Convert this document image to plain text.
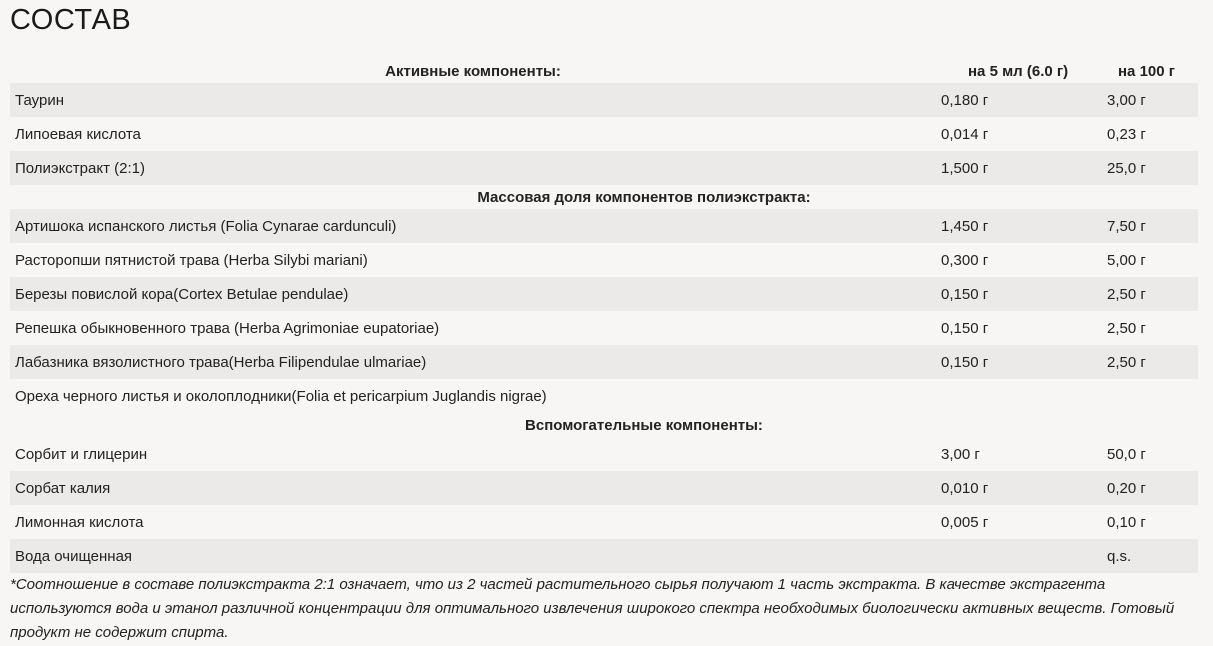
СОСТАВ
Активные компоненты:	на 5 мл (6.0 г)	на 100 г
Таурин	0,180 г	3,00 г
Липоевая кислота	0,014 г	0,23 г
Полиэкстракт (2:1)	1,500 г	25,0 г
Массовая доля компонентов полиэкстракта:		
Артишока испанского листья (Folia Cynarae cardunculi)	1,450 г	7,50 г
Расторопши пятнистой трава (Herba Silybi mariani)	0,300 г	5,00 г
Березы повислой кора(Cortex Betulae pendulae)	0,150 г	2,50 г
Репешка обыкновенного трава (Herba Agrimoniae eupatoriae)	0,150 г	2,50 г
Лабазника вязолистного трава(Herba Filipendulae ulmariae)	0,150 г	2,50 г
Ореха черного листья и околоплодники(Folia et pericarpium Juglandis nigrae)		
Вспомогательные компоненты:		
Сорбит и глицерин	3,00 г	50,0 г
Сорбат калия	0,010 г	0,20 г
Лимонная кислота	0,005 г	0,10 г
Вода очищенная		q.s.

*Соотношение в составе полиэкстракта 2:1 означает, что из 2 частей растительного сырья получают 1 часть экстракта. В качестве экстрагента используются вода и этанол различной концентрации для оптимального извлечения широкого спектра необходимых биологически активных веществ. Готовый продукт не содержит спирта.
